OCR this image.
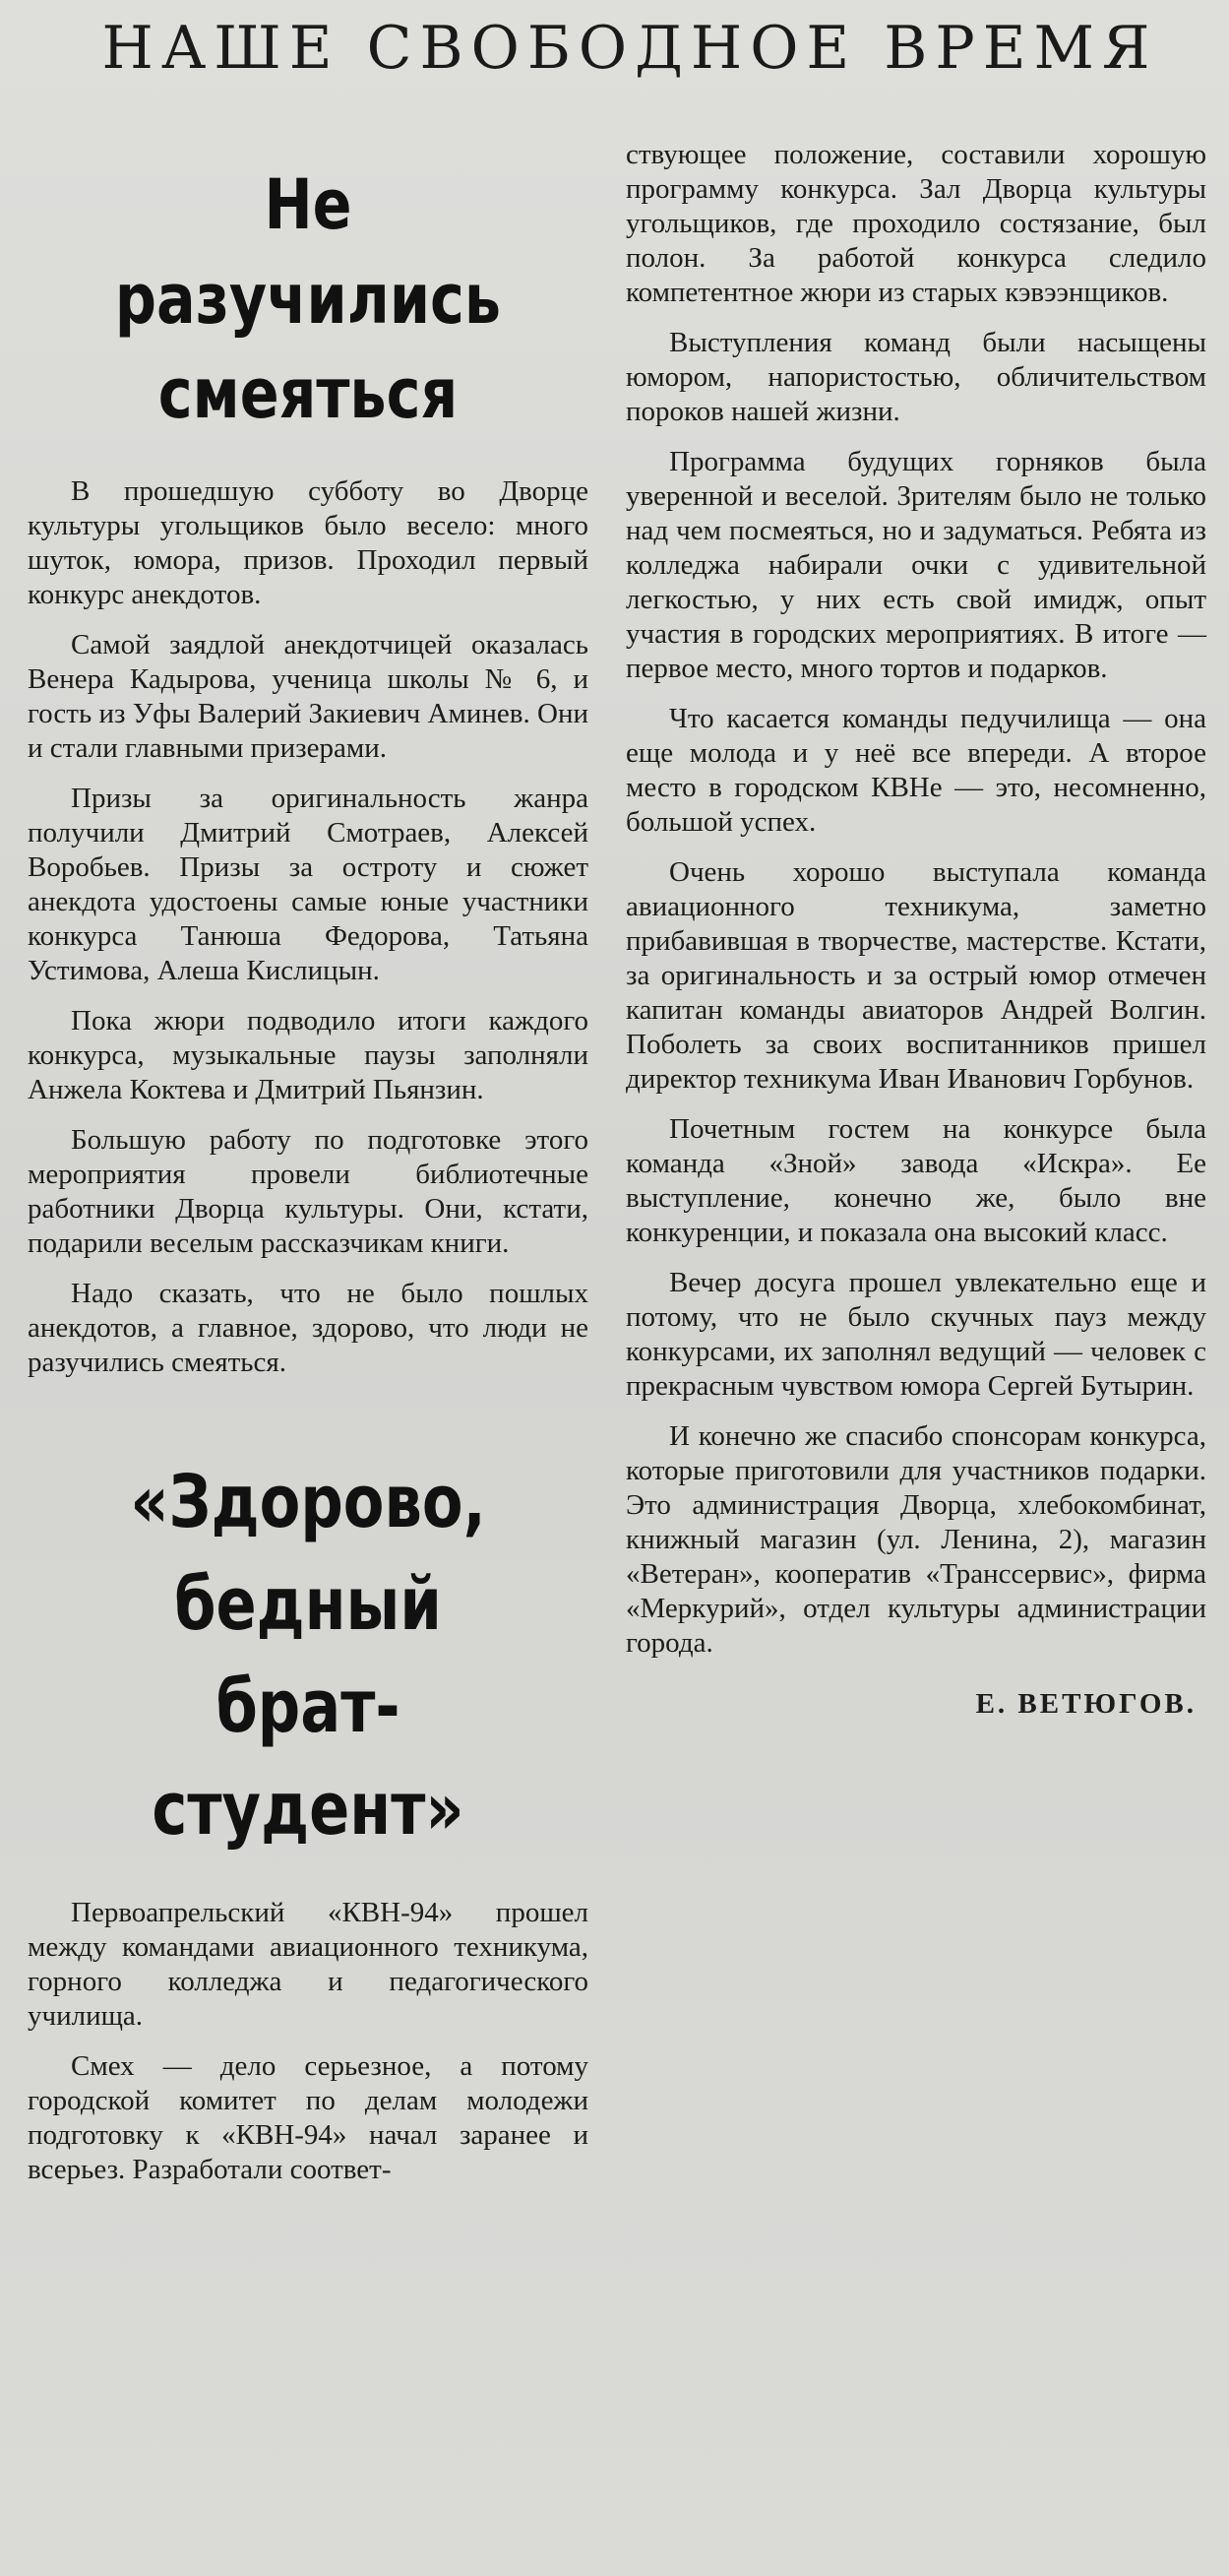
НАШЕ СВОБОДНОЕ ВРЕМЯ
Не
разучились
смеяться

В прошедшую субботу во Дворце культуры угольщиков было весело: много шуток, юмора, призов. Проходил первый конкурс анекдотов.

Самой заядлой анекдотчицей оказалась Венера Кадырова, ученица школы № 6, и гость из Уфы Валерий Закиевич Аминев. Они и стали главными призерами.

Призы за оригинальность жанра получили Дмитрий Смотраев, Алексей Воробьев. Призы за остроту и сюжет анекдота удостоены самые юные участники конкурса Танюша Федорова, Татьяна Устимова, Алеша Кислицын.

Пока жюри подводило итоги каждого конкурса, музыкальные паузы заполняли Анжела Коктева и Дмитрий Пьянзин.

Большую работу по подготовке этого мероприятия провели библиотечные работники Дворца культуры. Они, кстати, подарили веселым рассказчикам книги.

Надо сказать, что не было пошлых анекдотов, а главное, здорово, что люди не разучились смеяться.

«Здорово,
бедный
брат-студент»

Первоапрельский «КВН-94» прошел между командами авиационного техникума, горного колледжа и педагогического училища.

Смех — дело серьезное, а потому городской комитет по делам молодежи подготовку к «КВН-94» начал заранее и всерьез. Разработали соответ-

ствующее положение, составили хорошую программу конкурса. Зал Дворца культуры угольщиков, где проходило состязание, был полон. За работой конкурса следило компетентное жюри из старых кэвээнщиков.

Выступления команд были насыщены юмором, напористостью, обличительством пороков нашей жизни.

Программа будущих горняков была уверенной и веселой. Зрителям было не только над чем посмеяться, но и задуматься. Ребята из колледжа набирали очки с удивительной легкостью, у них есть свой имидж, опыт участия в городских мероприятиях. В итоге — первое место, много тортов и подарков.

Что касается команды педучилища — она еще молода и у неё все впереди. А второе место в городском КВНе — это, несомненно, большой успех.

Очень хорошо выступала команда авиационного техникума, заметно прибавившая в творчестве, мастерстве. Кстати, за оригинальность и за острый юмор отмечен капитан команды авиаторов Андрей Волгин. Поболеть за своих воспитанников пришел директор техникума Иван Иванович Горбунов.

Почетным гостем на конкурсе была команда «Зной» завода «Искра». Ее выступление, конечно же, было вне конкуренции, и показала она высокий класс.

Вечер досуга прошел увлекательно еще и потому, что не было скучных пауз между конкурсами, их заполнял ведущий — человек с прекрасным чувством юмора Сергей Бутырин.

И конечно же спасибо спонсорам конкурса, которые приготовили для участников подарки. Это администрация Дворца, хлебокомбинат, книжный магазин (ул. Ленина, 2), магазин «Ветеран», кооператив «Транссервис», фирма «Меркурий», отдел культуры администрации города.

Е. ВЕТЮГОВ.
